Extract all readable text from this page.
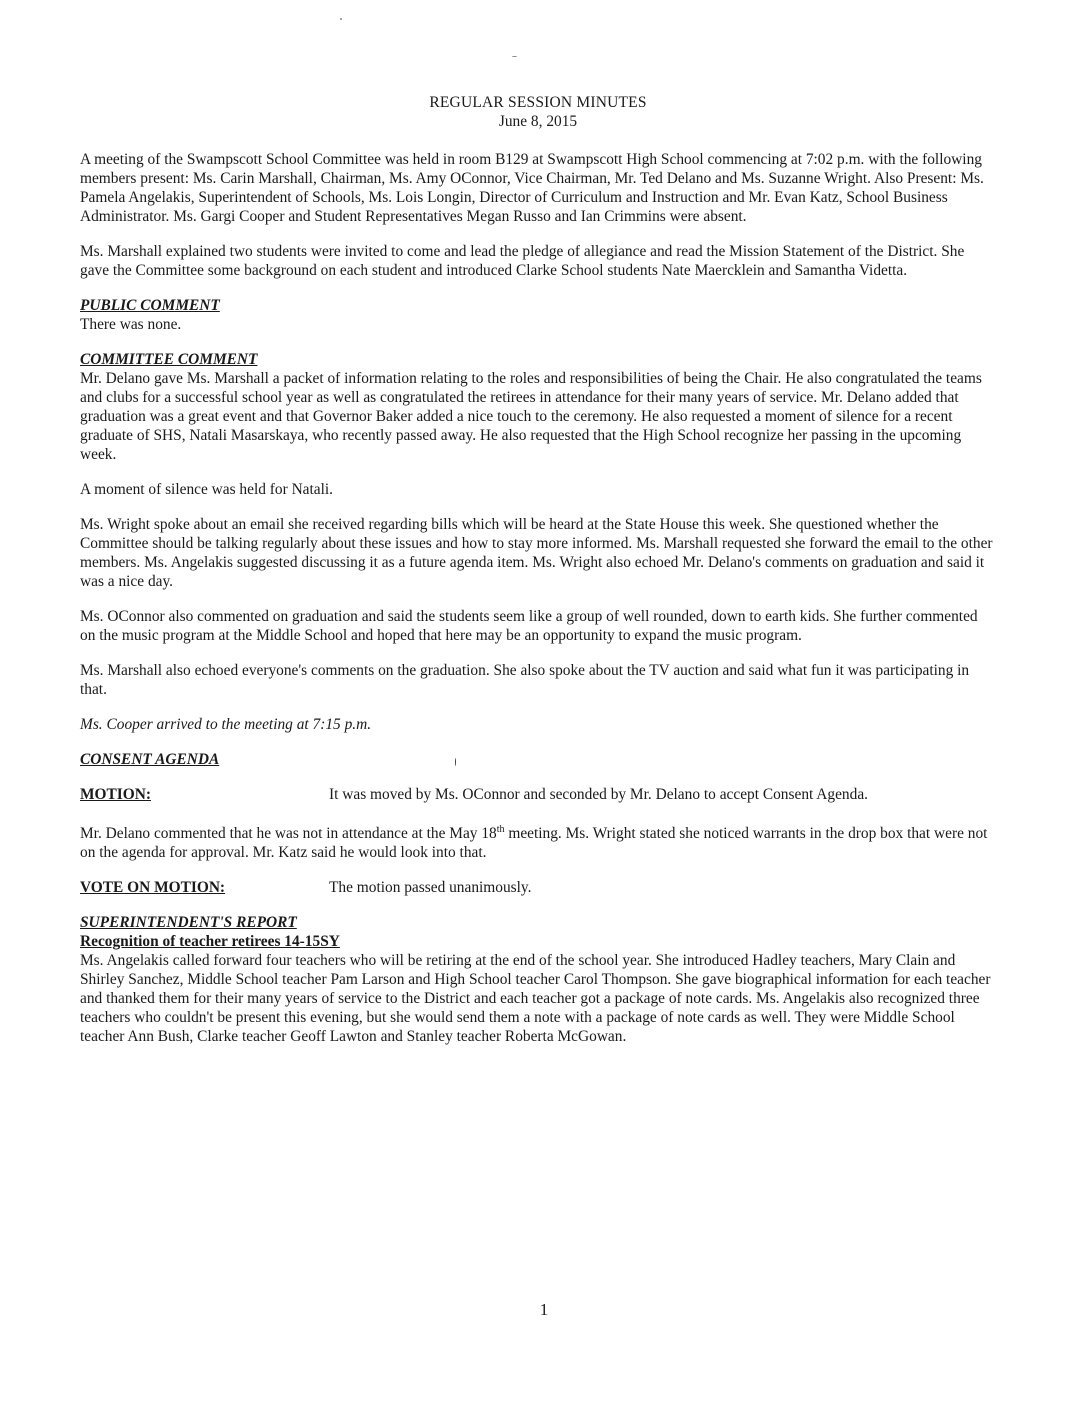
REGULAR SESSION MINUTES
June 8, 2015

A meeting of the Swampscott School Committee was held in room B129 at Swampscott High School commencing at 7:02 p.m. with the following members present: Ms. Carin Marshall, Chairman, Ms. Amy OConnor, Vice Chairman, Mr. Ted Delano and Ms. Suzanne Wright. Also Present: Ms. Pamela Angelakis, Superintendent of Schools, Ms. Lois Longin, Director of Curriculum and Instruction and Mr. Evan Katz, School Business Administrator. Ms. Gargi Cooper and Student Representatives Megan Russo and Ian Crimmins were absent.

Ms. Marshall explained two students were invited to come and lead the pledge of allegiance and read the Mission Statement of the District. She gave the Committee some background on each student and introduced Clarke School students Nate Maercklein and Samantha Videtta.

PUBLIC COMMENT

There was none.

COMMITTEE COMMENT

Mr. Delano gave Ms. Marshall a packet of information relating to the roles and responsibilities of being the Chair. He also congratulated the teams and clubs for a successful school year as well as congratulated the retirees in attendance for their many years of service. Mr. Delano added that graduation was a great event and that Governor Baker added a nice touch to the ceremony. He also requested a moment of silence for a recent graduate of SHS, Natali Masarskaya, who recently passed away. He also requested that the High School recognize her passing in the upcoming week.

A moment of silence was held for Natali.

Ms. Wright spoke about an email she received regarding bills which will be heard at the State House this week. She questioned whether the Committee should be talking regularly about these issues and how to stay more informed. Ms. Marshall requested she forward the email to the other members. Ms. Angelakis suggested discussing it as a future agenda item. Ms. Wright also echoed Mr. Delano's comments on graduation and said it was a nice day.

Ms. OConnor also commented on graduation and said the students seem like a group of well rounded, down to earth kids. She further commented on the music program at the Middle School and hoped that here may be an opportunity to expand the music program.

Ms. Marshall also echoed everyone's comments on the graduation. She also spoke about the TV auction and said what fun it was participating in that.

Ms. Cooper arrived to the meeting at 7:15 p.m.

CONSENT AGENDA
MOTION:	It was moved by Ms. OConnor and seconded by Mr. Delano to accept Consent Agenda.

Mr. Delano commented that he was not in attendance at the May 18th meeting. Ms. Wright stated she noticed warrants in the drop box that were not on the agenda for approval. Mr. Katz said he would look into that.

VOTE ON MOTION:	The motion passed unanimously.
SUPERINTENDENT'S REPORT
Recognition of teacher retirees 14-15SY

Ms. Angelakis called forward four teachers who will be retiring at the end of the school year. She introduced Hadley teachers, Mary Clain and Shirley Sanchez, Middle School teacher Pam Larson and High School teacher Carol Thompson. She gave biographical information for each teacher and thanked them for their many years of service to the District and each teacher got a package of note cards. Ms. Angelakis also recognized three teachers who couldn't be present this evening, but she would send them a note with a package of note cards as well. They were Middle School teacher Ann Bush, Clarke teacher Geoff Lawton and Stanley teacher Roberta McGowan.

1
